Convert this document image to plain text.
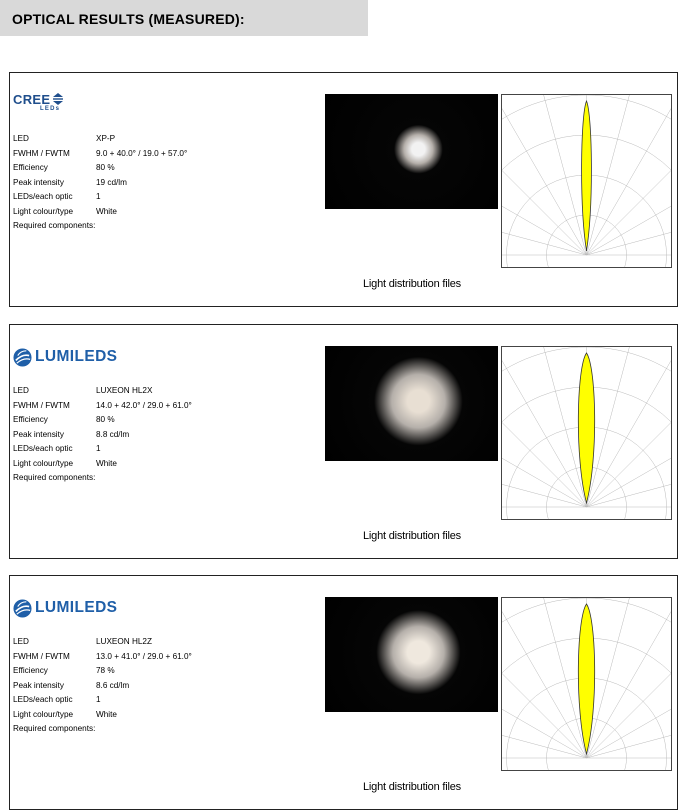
OPTICAL RESULTS (MEASURED):
CREE
LEDs
LED	XP-P
FWHM / FWTM	9.0 + 40.0° / 19.0 + 57.0°
Efficiency	80 %
Peak intensity	19 cd/lm
LEDs/each optic	1
Light colour/type	White
Required components:
Light distribution files
LUMILEDS
LED	LUXEON HL2X
FWHM / FWTM	14.0 + 42.0° / 29.0 + 61.0°
Efficiency	80 %
Peak intensity	8.8 cd/lm
LEDs/each optic	1
Light colour/type	White
Required components:
Light distribution files
LUMILEDS
LED	LUXEON HL2Z
FWHM / FWTM	13.0 + 41.0° / 29.0 + 61.0°
Efficiency	78 %
Peak intensity	8.6 cd/lm
LEDs/each optic	1
Light colour/type	White
Required components:
Light distribution files
